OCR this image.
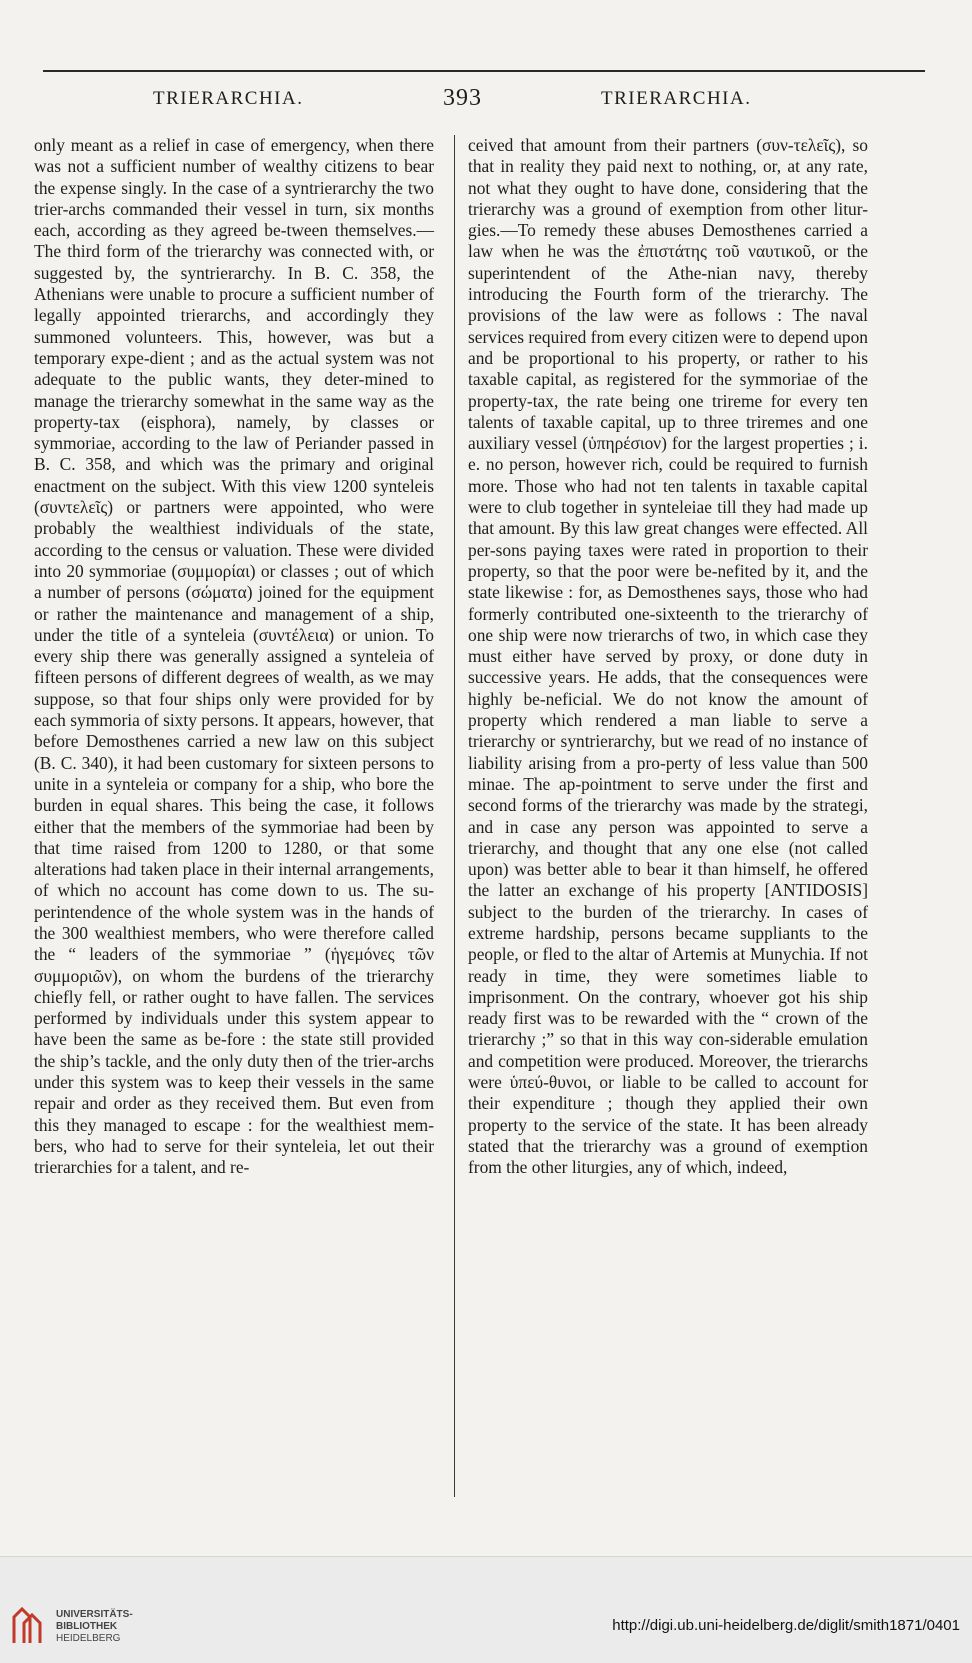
TRIERARCHIA.	393	TRIERARCHIA.

only meant as a relief in case of emergency, when there was not a sufficient number of wealthy citizens to bear the expense singly. In the case of a syntrierarchy the two trier-archs commanded their vessel in turn, six months each, according as they agreed be-tween themselves.—The third form of the trierarchy was connected with, or suggested by, the syntrierarchy. In B. C. 358, the Athenians were unable to procure a sufficient number of legally appointed trierarchs, and accordingly they summoned volunteers. This, however, was but a temporary expe-dient ; and as the actual system was not adequate to the public wants, they deter-mined to manage the trierarchy somewhat in the same way as the property-tax (eisphora), namely, by classes or symmoriae, according to the law of Periander passed in B. C. 358, and which was the primary and original enactment on the subject. With this view 1200 synteleis (συντελεῖς) or partners were appointed, who were probably the wealthiest individuals of the state, according to the census or valuation. These were divided into 20 symmoriae (συμμορίαι) or classes ; out of which a number of persons (σώματα) joined for the equipment or rather the maintenance and management of a ship, under the title of a synteleia (συντέλεια) or union. To every ship there was generally assigned a synteleia of fifteen persons of different degrees of wealth, as we may suppose, so that four ships only were provided for by each symmoria of sixty persons. It appears, however, that before Demosthenes carried a new law on this subject (B. C. 340), it had been customary for sixteen persons to unite in a synteleia or company for a ship, who bore the burden in equal shares. This being the case, it follows either that the members of the symmoriae had been by that time raised from 1200 to 1280, or that some alterations had taken place in their internal arrangements, of which no account has come down to us. The su-perintendence of the whole system was in the hands of the 300 wealthiest members, who were therefore called the “ leaders of the symmoriae ” (ἡγεμόνες τῶν συμμοριῶν), on whom the burdens of the trierarchy chiefly fell, or rather ought to have fallen. The services performed by individuals under this system appear to have been the same as be-fore : the state still provided the ship’s tackle, and the only duty then of the trier-archs under this system was to keep their vessels in the same repair and order as they received them. But even from this they managed to escape : for the wealthiest mem-bers, who had to serve for their synteleia, let out their trierarchies for a talent, and re-

ceived that amount from their partners (συν-τελεῖς), so that in reality they paid next to nothing, or, at any rate, not what they ought to have done, considering that the trierarchy was a ground of exemption from other litur-gies.—To remedy these abuses Demosthenes carried a law when he was the ἐπιστάτης τοῦ ναυτικοῦ, or the superintendent of the Athe-nian navy, thereby introducing the Fourth form of the trierarchy. The provisions of the law were as follows : The naval services required from every citizen were to depend upon and be proportional to his property, or rather to his taxable capital, as registered for the symmoriae of the property-tax, the rate being one trireme for every ten talents of taxable capital, up to three triremes and one auxiliary vessel (ὑπηρέσιον) for the largest properties ; i. e. no person, however rich, could be required to furnish more. Those who had not ten talents in taxable capital were to club together in synteleiae till they had made up that amount. By this law great changes were effected. All per-sons paying taxes were rated in proportion to their property, so that the poor were be-nefited by it, and the state likewise : for, as Demosthenes says, those who had formerly contributed one-sixteenth to the trierarchy of one ship were now trierarchs of two, in which case they must either have served by proxy, or done duty in successive years. He adds, that the consequences were highly be-neficial. We do not know the amount of property which rendered a man liable to serve a trierarchy or syntrierarchy, but we read of no instance of liability arising from a pro-perty of less value than 500 minae. The ap-pointment to serve under the first and second forms of the trierarchy was made by the strategi, and in case any person was appointed to serve a trierarchy, and thought that any one else (not called upon) was better able to bear it than himself, he offered the latter an exchange of his property [ANTIDOSIS] subject to the burden of the trierarchy. In cases of extreme hardship, persons became suppliants to the people, or fled to the altar of Artemis at Munychia. If not ready in time, they were sometimes liable to imprisonment. On the contrary, whoever got his ship ready first was to be rewarded with the “ crown of the trierarchy ;” so that in this way con-siderable emulation and competition were produced. Moreover, the trierarchs were ὑπεύ-θυνοι, or liable to be called to account for their expenditure ; though they applied their own property to the service of the state. It has been already stated that the trierarchy was a ground of exemption from the other liturgies, any of which, indeed,

UNIVERSITÄTS-
BIBLIOTHEK
HEIDELBERG
http://digi.ub.uni-heidelberg.de/diglit/smith1871/0401
